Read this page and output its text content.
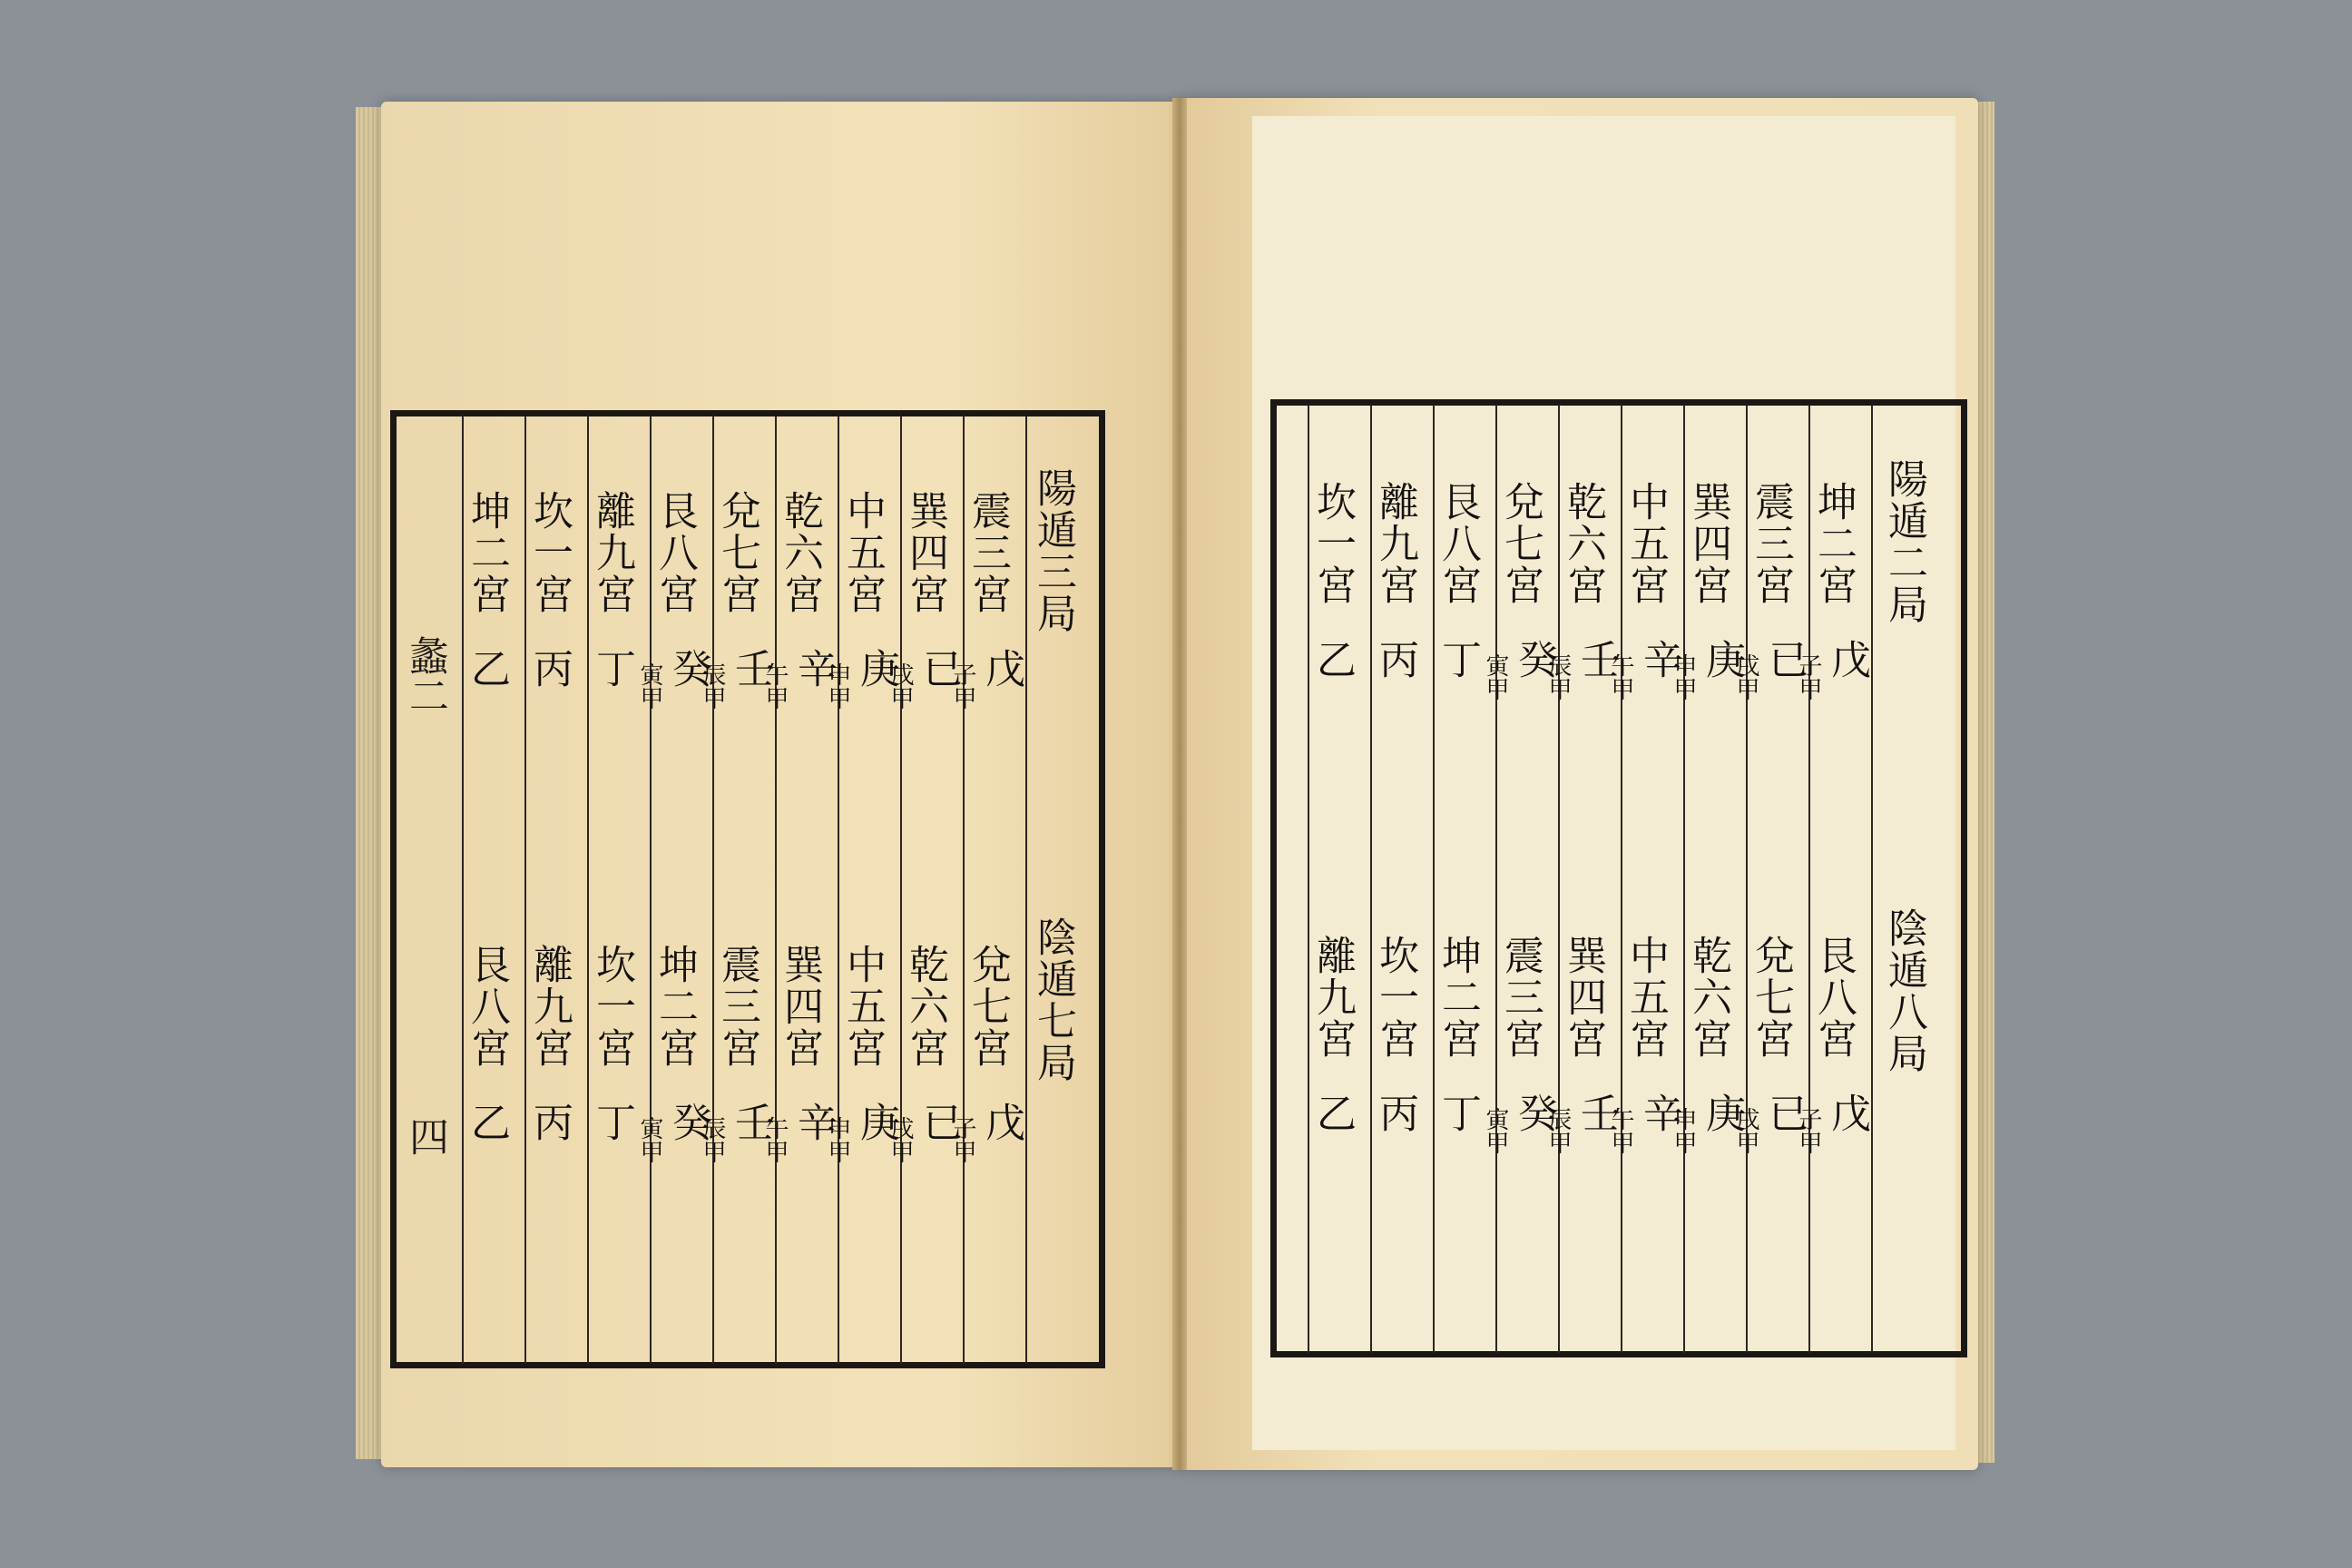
蠡二
四
陽遁三局
陰遁七局
陽遁二局
陰遁八局
震三宮
戊
子甲
巽四宮
已
戌甲
中五宮
庚
申甲
乾六宮
辛
午甲
兌七宮
壬
辰甲
艮八宮
癸
寅甲
離九宮
丁
坎一宮
丙
坤二宮
乙
兌七宮
戊
子甲
乾六宮
已
戌甲
中五宮
庚
申甲
巽四宮
辛
午甲
震三宮
壬
辰甲
坤二宮
癸
寅甲
坎一宮
丁
離九宮
丙
艮八宮
乙
坤二宮
戊
子甲
震三宮
已
戌甲
巽四宮
庚
申甲
中五宮
辛
午甲
乾六宮
壬
辰甲
兌七宮
癸
寅甲
艮八宮
丁
離九宮
丙
坎一宮
乙
艮八宮
戊
子甲
兌七宮
已
戌甲
乾六宮
庚
申甲
中五宮
辛
午甲
巽四宮
壬
辰甲
震三宮
癸
寅甲
坤二宮
丁
坎一宮
丙
離九宮
乙
